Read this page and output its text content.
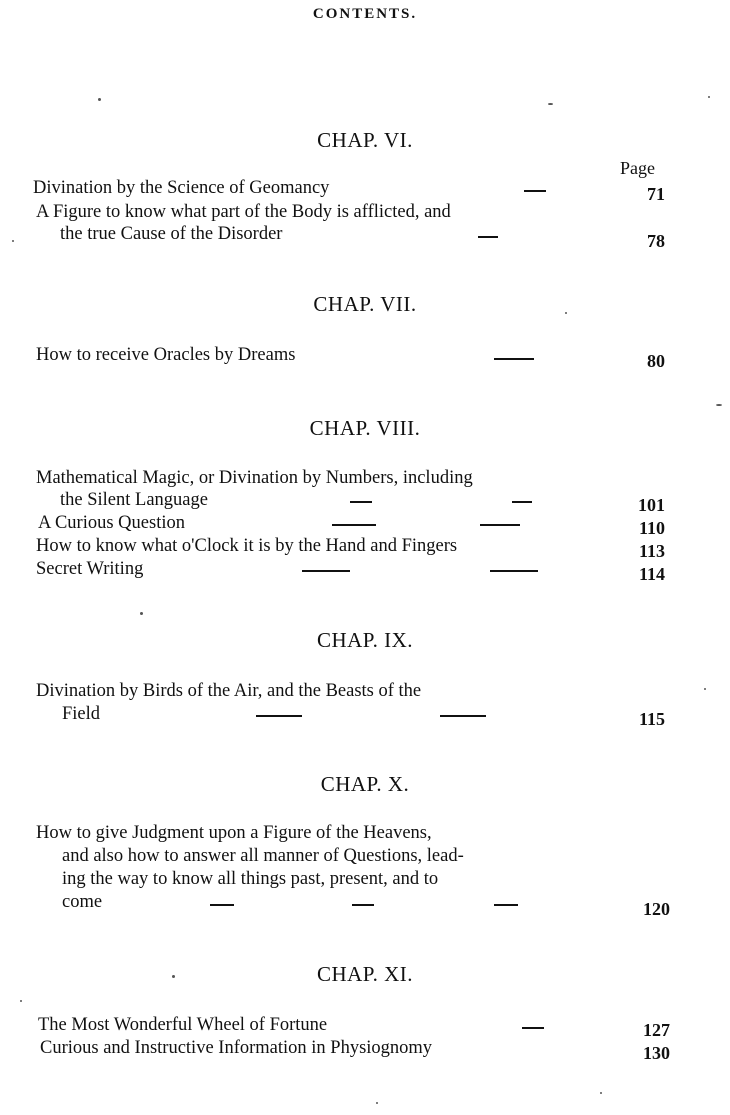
CONTENTS.
CHAP. VI.
Page
Divination by the Science of Geomancy	71
A Figure to know what part of the Body is afflicted, and
the true Cause of the Disorder	78
CHAP. VII.
How to receive Oracles by Dreams	80
CHAP. VIII.
Mathematical Magic, or Divination by Numbers, including
the Silent Language	101
A Curious Question	110
How to know what o'Clock it is by the Hand and Fingers	113
Secret Writing	114
CHAP. IX.
Divination by Birds of the Air, and the Beasts of the
Field	115
CHAP. X.
How to give Judgment upon a Figure of the Heavens,
and also how to answer all manner of Questions, lead-
ing the way to know all things past, present, and to
come	120
CHAP. XI.
The Most Wonderful Wheel of Fortune	127
Curious and Instructive Information in Physiognomy	130
